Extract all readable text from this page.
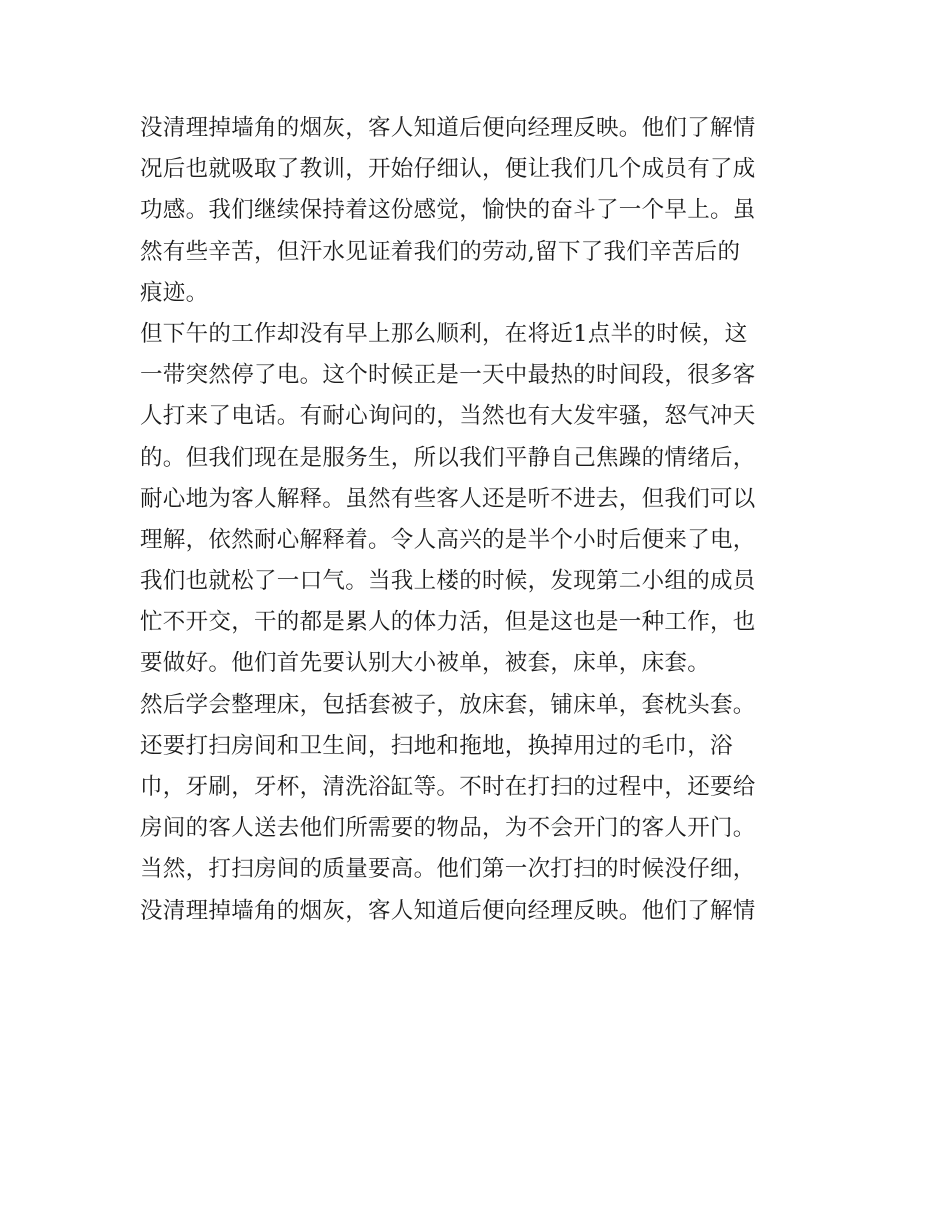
没清理掉墙角的烟灰，客人知道后便向经理反映。他们了解情
况后也就吸取了教训，开始仔细认，便让我们几个成员有了成
功感。我们继续保持着这份感觉，愉快的奋斗了一个早上。虽
然有些辛苦，但汗水见证着我们的劳动,留下了我们辛苦后的
痕迹。
但下午的工作却没有早上那么顺利，在将近1点半的时候，这
一带突然停了电。这个时候正是一天中最热的时间段，很多客
人打来了电话。有耐心询问的，当然也有大发牢骚，怒气冲天
的。但我们现在是服务生，所以我们平静自己焦躁的情绪后，
耐心地为客人解释。虽然有些客人还是听不进去，但我们可以
理解，依然耐心解释着。令人高兴的是半个小时后便来了电，
我们也就松了一口气。当我上楼的时候，发现第二小组的成员
忙不开交，干的都是累人的体力活，但是这也是一种工作，也
要做好。他们首先要认别大小被单，被套，床单，床套。
然后学会整理床，包括套被子，放床套，铺床单，套枕头套。
还要打扫房间和卫生间，扫地和拖地，换掉用过的毛巾，浴
巾，牙刷，牙杯，清洗浴缸等。不时在打扫的过程中，还要给
房间的客人送去他们所需要的物品，为不会开门的客人开门。
当然，打扫房间的质量要高。他们第一次打扫的时候没仔细，
没清理掉墙角的烟灰，客人知道后便向经理反映。他们了解情
